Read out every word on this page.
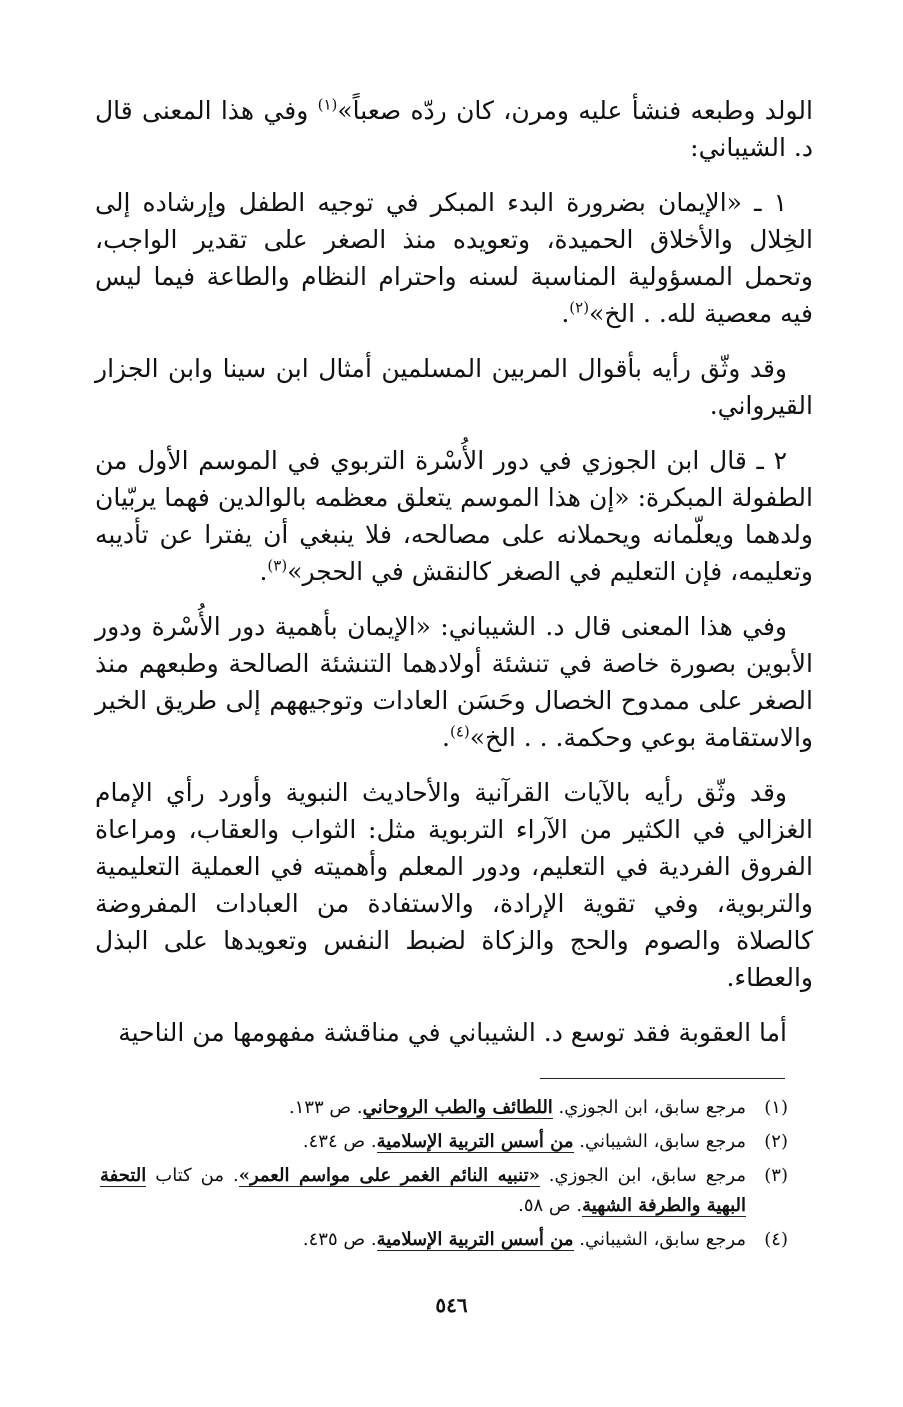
الولد وطبعه فنشأ عليه ومرن، كان ردّه صعباً»$^{(١)}$ وفي هذا المعنى قال د. الشيباني:

١ ـ «الإيمان بضرورة البدء المبكر في توجيه الطفل وإرشاده إلى الخِلال والأخلاق الحميدة، وتعويده منذ الصغر على تقدير الواجب، وتحمل المسؤولية المناسبة لسنه واحترام النظام والطاعة فيما ليس فيه معصية لله. . الخ»$^{(٢)}$.

وقد وثّق رأيه بأقوال المربين المسلمين أمثال ابن سينا وابن الجزار القيرواني.

٢ ـ قال ابن الجوزي في دور الأُسْرة التربوي في الموسم الأول من الطفولة المبكرة: «إن هذا الموسم يتعلق معظمه بالوالدين فهما يربّيان ولدهما ويعلّمانه ويحملانه على مصالحه، فلا ينبغي أن يفترا عن تأديبه وتعليمه، فإن التعليم في الصغر كالنقش في الحجر»$^{(٣)}$.

وفي هذا المعنى قال د. الشيباني: «الإيمان بأهمية دور الأُسْرة ودور الأبوين بصورة خاصة في تنشئة أولادهما التنشئة الصالحة وطبعهم منذ الصغر على ممدوح الخصال وحَسَن العادات وتوجيههم إلى طريق الخير والاستقامة بوعي وحكمة. . . الخ»$^{(٤)}$.

وقد وثّق رأيه بالآيات القرآنية والأحاديث النبوية وأورد رأي الإمام الغزالي في الكثير من الآراء التربوية مثل: الثواب والعقاب، ومراعاة الفروق الفردية في التعليم، ودور المعلم وأهميته في العملية التعليمية والتربوية، وفي تقوية الإرادة، والاستفادة من العبادات المفروضة كالصلاة والصوم والحج والزكاة لضبط النفس وتعويدها على البذل والعطاء.

أما العقوبة فقد توسع د. الشيباني في مناقشة مفهومها من الناحية

(١)
مرجع سابق، ابن الجوزي. اللطائف والطب الروحاني. ص ١٣٣.
(٢)
مرجع سابق، الشيباني. من أسس التربية الإسلامية. ص ٤٣٤.
(٣)
مرجع سابق، ابن الجوزي. «تنبيه النائم الغمر على مواسم العمر». من كتاب التحفة البهية والطرفة الشهية. ص ٥٨.
(٤)
مرجع سابق، الشيباني. من أسس التربية الإسلامية. ص ٤٣٥.
٥٤٦
